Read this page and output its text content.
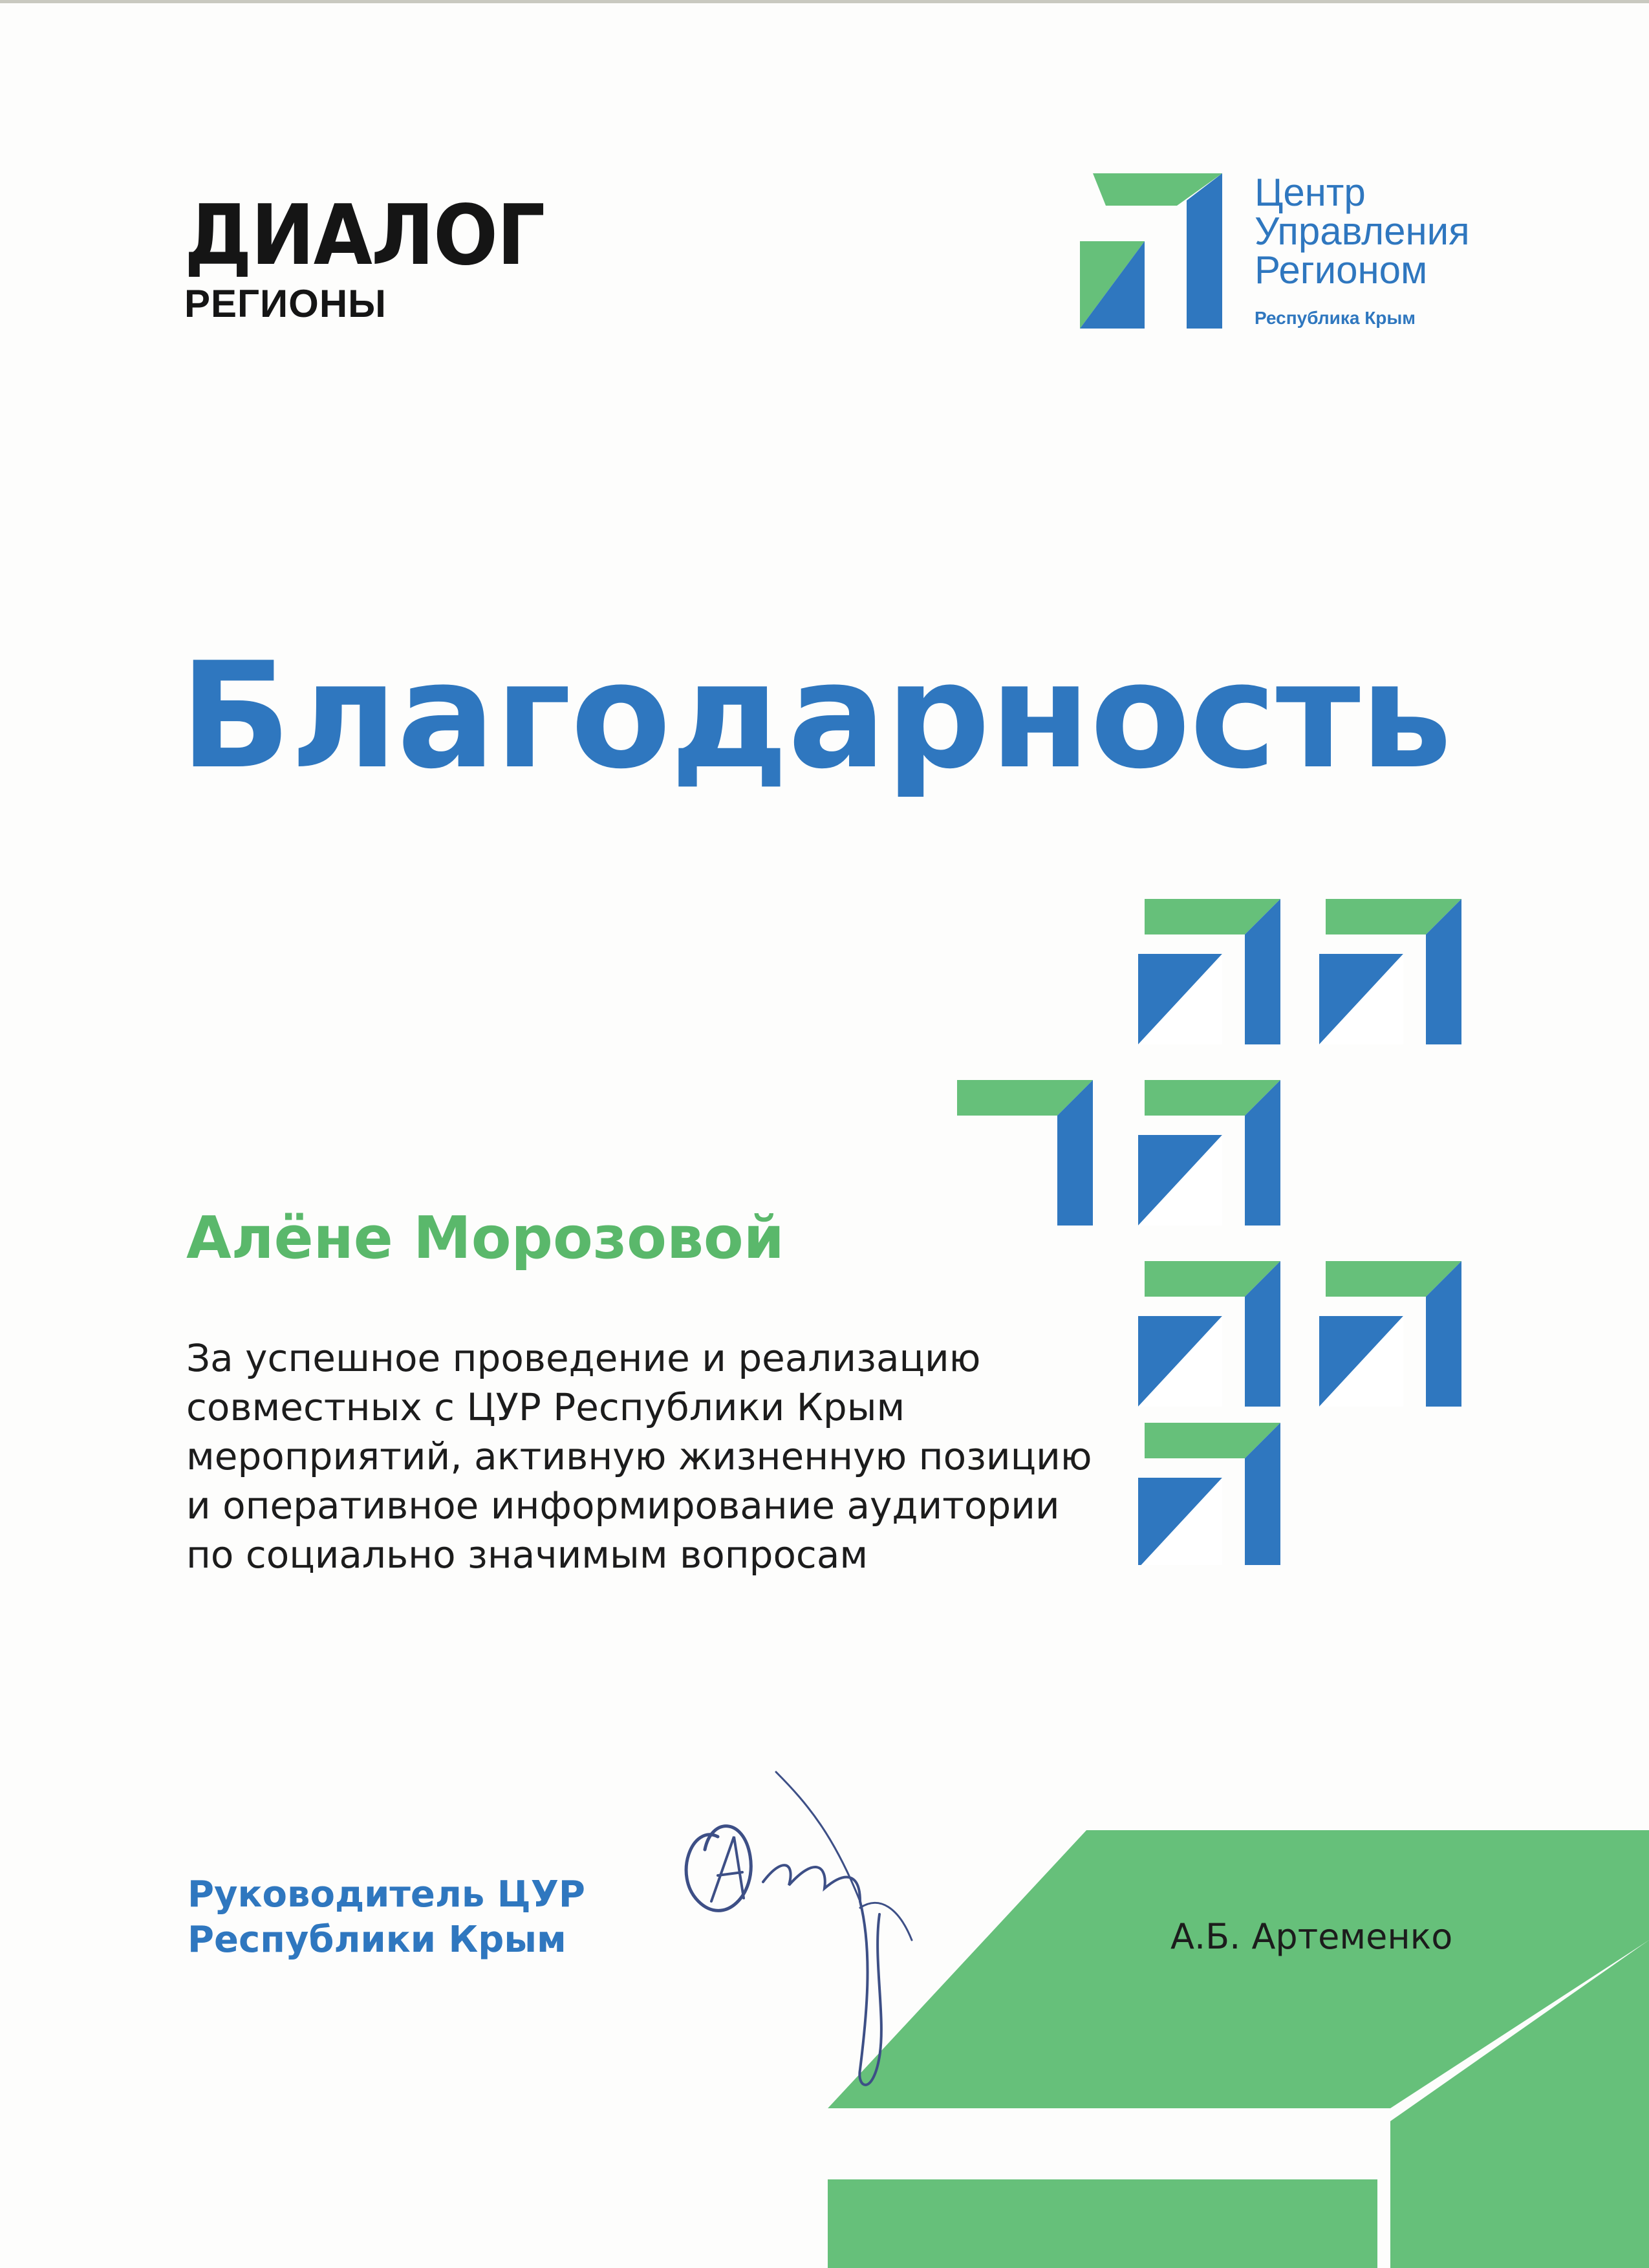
ДИАЛОГ
РЕГИОНЫ
Центр
Управления
Регионом
Республика Крым
Благодарность
Алёне Морозовой
За успешное проведение и реализацию
совместных с ЦУР Республики Крым
мероприятий, активную жизненную позицию
и оперативное информирование аудитории
по социально значимым вопросам
Руководитель ЦУР
Республики Крым	А.Б. Артеменко
